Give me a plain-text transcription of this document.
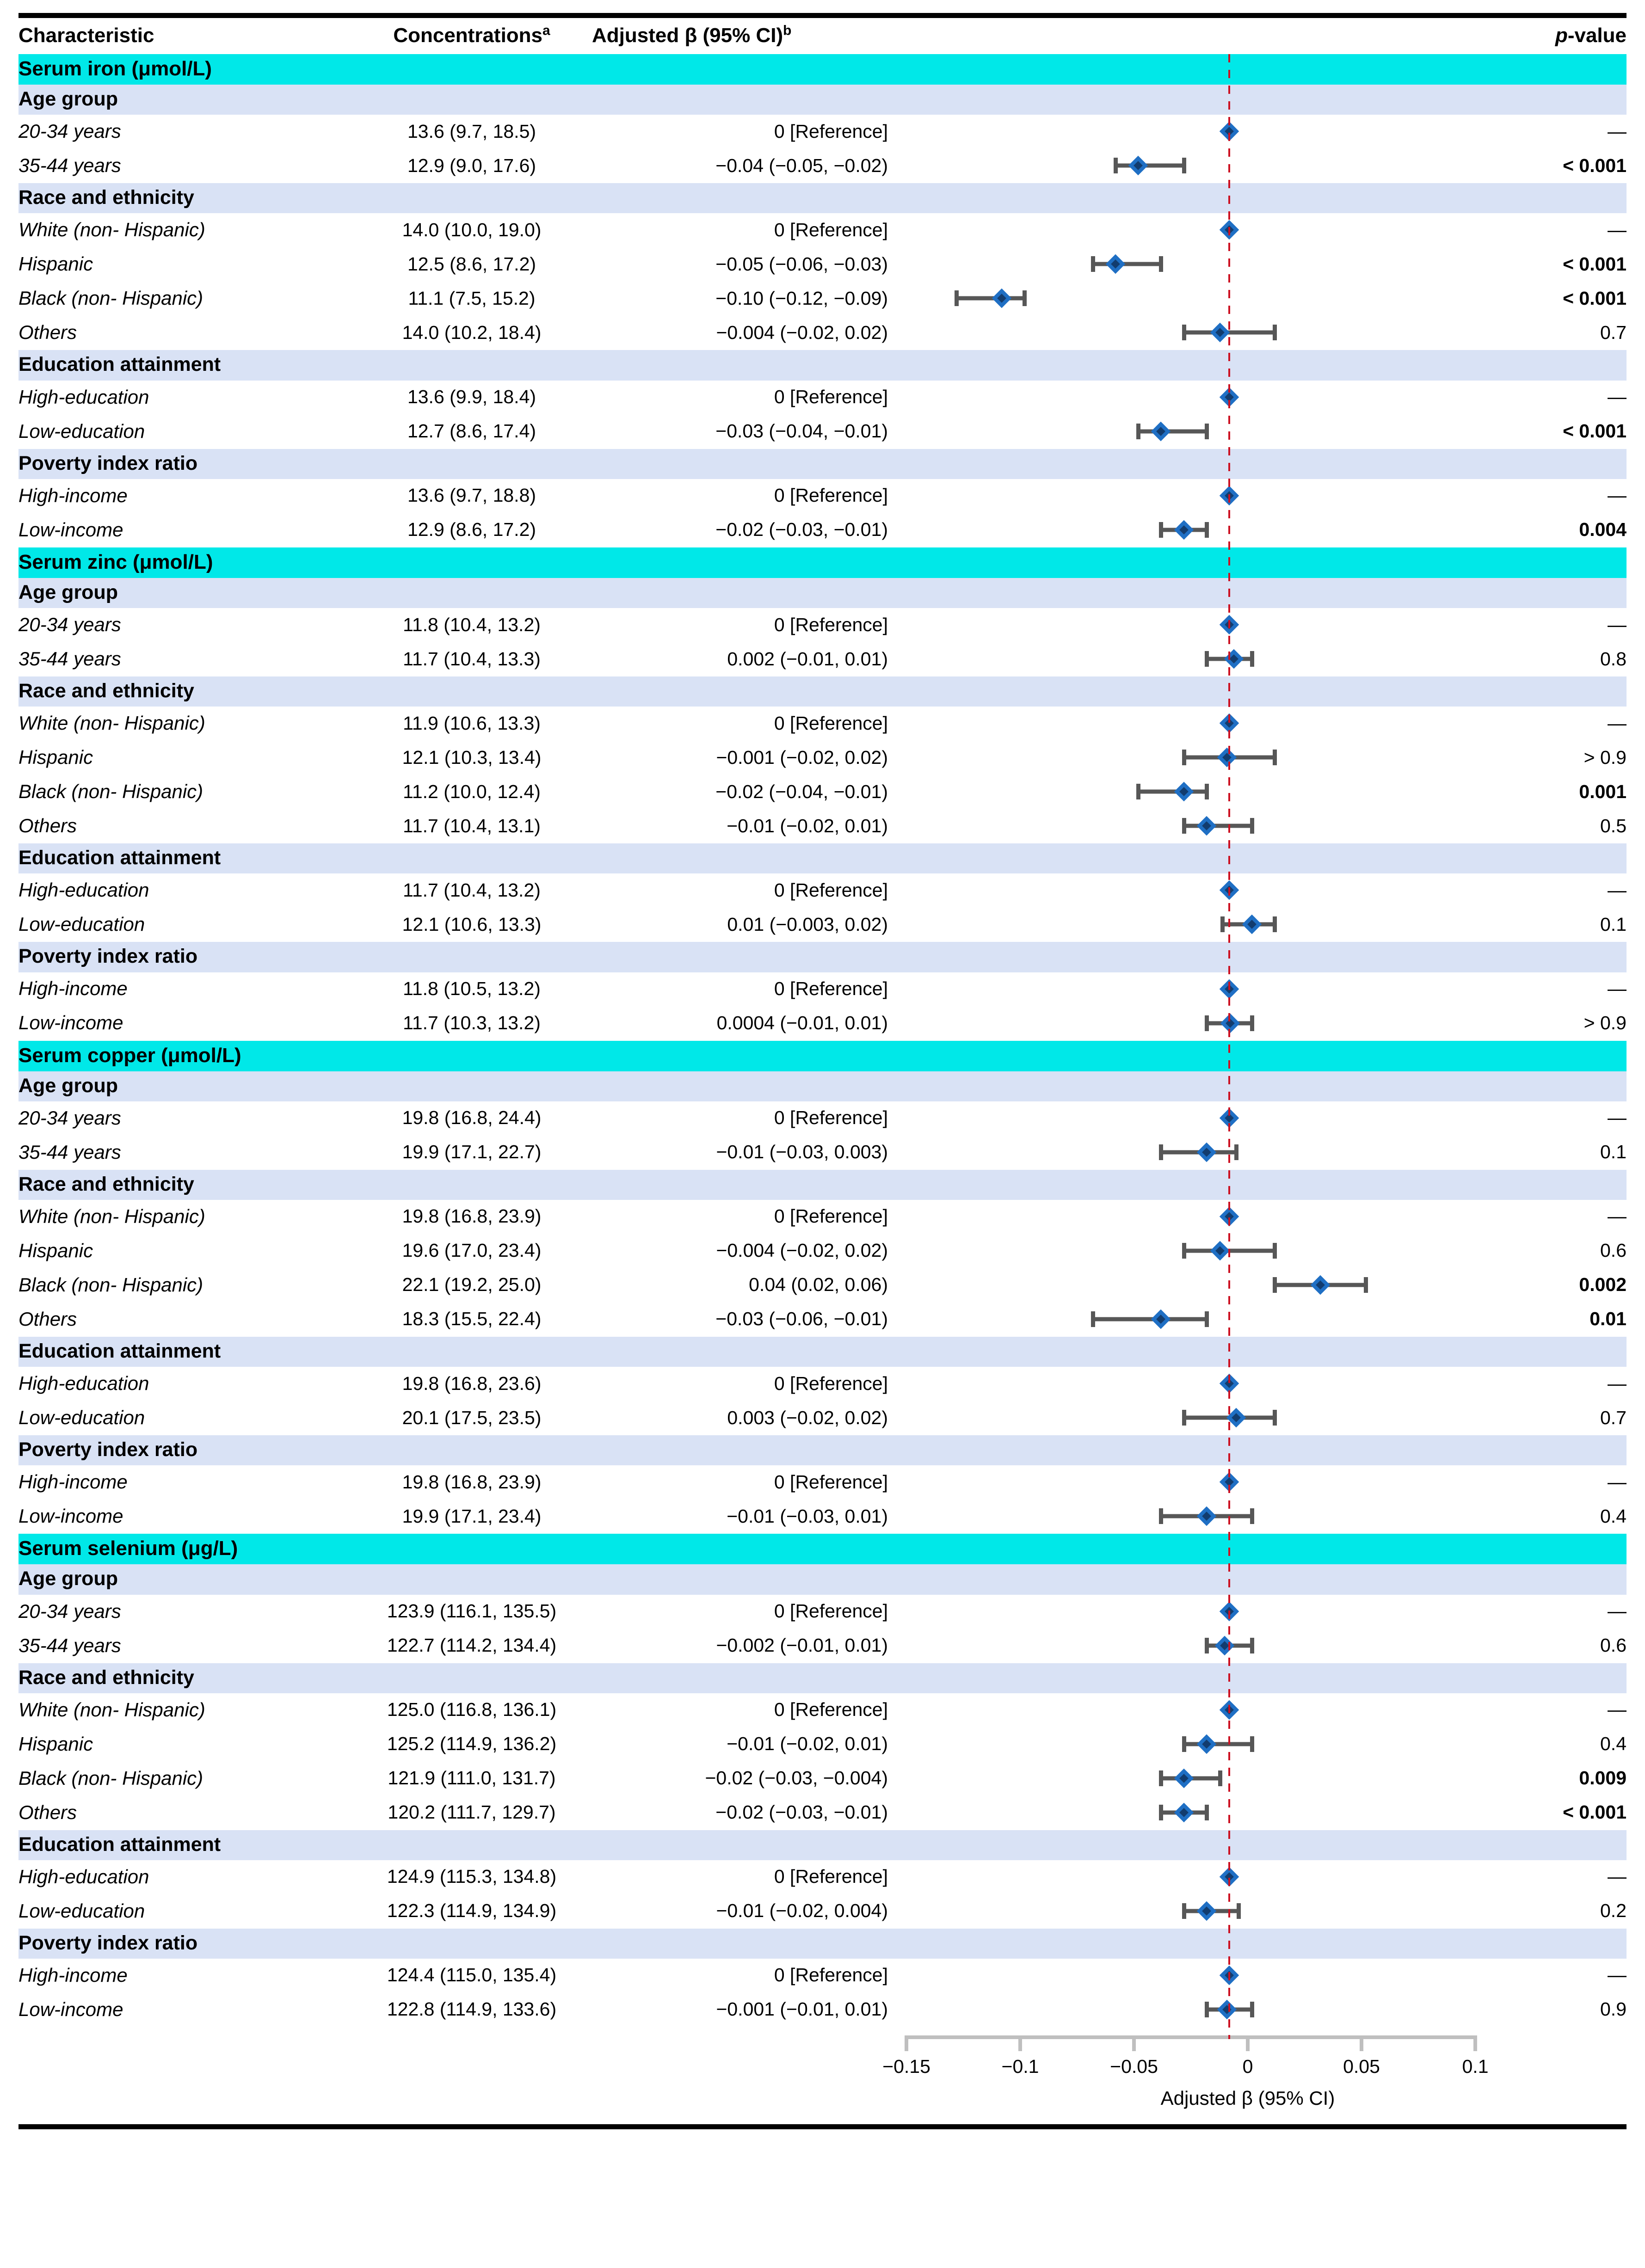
Characteristic	Concentrations$^a$	Adjusted β (95% CI)$^b$		p-value
Serum iron (μmol/L)				
Age group				
20-34 years	13.6 (9.7, 18.5)	0 [Reference]		—
35-44 years	12.9 (9.0, 17.6)	−0.04 (−0.05, −0.02)		< 0.001
Race and ethnicity				
White (non- Hispanic)	14.0 (10.0, 19.0)	0 [Reference]		—
Hispanic	12.5 (8.6, 17.2)	−0.05 (−0.06, −0.03)		< 0.001
Black (non- Hispanic)	11.1 (7.5, 15.2)	−0.10 (−0.12, −0.09)		< 0.001
Others	14.0 (10.2, 18.4)	−0.004 (−0.02, 0.02)		0.7
Education attainment				
High-education	13.6 (9.9, 18.4)	0 [Reference]		—
Low-education	12.7 (8.6, 17.4)	−0.03 (−0.04, −0.01)		< 0.001
Poverty index ratio				
High-income	13.6 (9.7, 18.8)	0 [Reference]		—
Low-income	12.9 (8.6, 17.2)	−0.02 (−0.03, −0.01)		0.004
Serum zinc (μmol/L)				
Age group				
20-34 years	11.8 (10.4, 13.2)	0 [Reference]		—
35-44 years	11.7 (10.4, 13.3)	0.002 (−0.01, 0.01)		0.8
Race and ethnicity				
White (non- Hispanic)	11.9 (10.6, 13.3)	0 [Reference]		—
Hispanic	12.1 (10.3, 13.4)	−0.001 (−0.02, 0.02)		> 0.9
Black (non- Hispanic)	11.2 (10.0, 12.4)	−0.02 (−0.04, −0.01)		0.001
Others	11.7 (10.4, 13.1)	−0.01 (−0.02, 0.01)		0.5
Education attainment				
High-education	11.7 (10.4, 13.2)	0 [Reference]		—
Low-education	12.1 (10.6, 13.3)	0.01 (−0.003, 0.02)		0.1
Poverty index ratio				
High-income	11.8 (10.5, 13.2)	0 [Reference]		—
Low-income	11.7 (10.3, 13.2)	0.0004 (−0.01, 0.01)		> 0.9
Serum copper (μmol/L)				
Age group				
20-34 years	19.8 (16.8, 24.4)	0 [Reference]		—
35-44 years	19.9 (17.1, 22.7)	−0.01 (−0.03, 0.003)		0.1
Race and ethnicity				
White (non- Hispanic)	19.8 (16.8, 23.9)	0 [Reference]		—
Hispanic	19.6 (17.0, 23.4)	−0.004 (−0.02, 0.02)		0.6
Black (non- Hispanic)	22.1 (19.2, 25.0)	0.04 (0.02, 0.06)		0.002
Others	18.3 (15.5, 22.4)	−0.03 (−0.06, −0.01)		0.01
Education attainment				
High-education	19.8 (16.8, 23.6)	0 [Reference]		—
Low-education	20.1 (17.5, 23.5)	0.003 (−0.02, 0.02)		0.7
Poverty index ratio				
High-income	19.8 (16.8, 23.9)	0 [Reference]		—
Low-income	19.9 (17.1, 23.4)	−0.01 (−0.03, 0.01)		0.4
Serum selenium (μg/L)				
Age group				
20-34 years	123.9 (116.1, 135.5)	0 [Reference]		—
35-44 years	122.7 (114.2, 134.4)	−0.002 (−0.01, 0.01)		0.6
Race and ethnicity				
White (non- Hispanic)	125.0 (116.8, 136.1)	0 [Reference]		—
Hispanic	125.2 (114.9, 136.2)	−0.01 (−0.02, 0.01)		0.4
Black (non- Hispanic)	121.9 (111.0, 131.7)	−0.02 (−0.03, −0.004)		0.009
Others	120.2 (111.7, 129.7)	−0.02 (−0.03, −0.01)		< 0.001
Education attainment				
High-education	124.9 (115.3, 134.8)	0 [Reference]		—
Low-education	122.3 (114.9, 134.9)	−0.01 (−0.02, 0.004)		0.2
Poverty index ratio				
High-income	124.4 (115.0, 135.4)	0 [Reference]		—
Low-income	122.8 (114.9, 133.6)	−0.001 (−0.01, 0.01)		0.9
−0.15	−0.1	−0.05	0	0.05	0.1
Adjusted β (95% CI)
